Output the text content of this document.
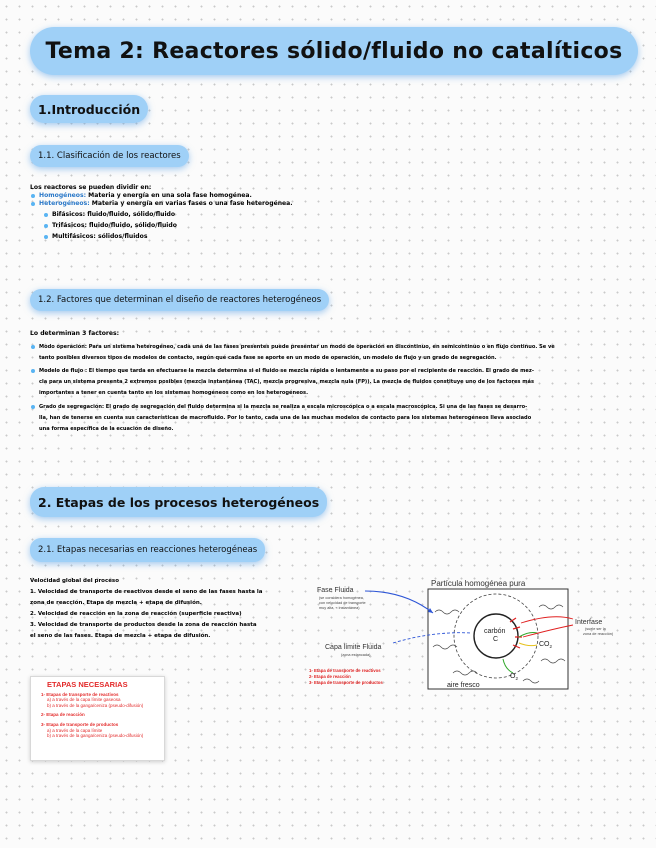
Tema 2: Reactores sólido/fluido no catalíticos
1.Introducción
1.1. Clasificación de los reactores
Los reactores se pueden dividir en:
Homogéneos: Materia y energía en una sola fase homogénea.
Heterogéneos: Materia y energía en varias fases o una fase heterogénea.
Bifásicos: fluido/fluido, sólido/fluido
Trifásicos: fluido/fluido, sólido/fluido
Multifásicos: sólidos/fluidos
1.2. Factores que determinan el diseño de reactores heterogéneos
Lo determinan 3 factores:
Modo operación: Para un sistema heterogéneo, cada una de las fases presentes puede presentar un modo de operación en discontinuo, en semicontinuo o en flujo continuo. Se ve
tanto posibles diversos tipos de modelos de contacto, según qué cada fase se aporte en un modo de operación, un modelo de flujo y un grado de segregación.
Modelo de flujo : El tiempo que tarda en efectuarse la mezcla determina si el fluido se mezcla rápida o lentamente a su paso por el recipiente de reacción. El grado de mez-
cla para un sistema presenta 2 extremos posibles (mezcla instantánea (TAC), mezcla progresiva, mezcla nula (FP)). La mezcla de fluidos constituye uno de los factores más
importantes a tener en cuenta tanto en los sistemas homogéneos como en los heterogéneos.
Grado de segregación: El grado de segregación del fluido determina si la mezcla se realiza a escala microscópica o a escala macroscópica. Si una de las fases se desarro-
lla, han de tenerse en cuenta sus características de macrofluido. Por lo tanto, cada una de las muchas modelos de contacto para los sistemas heterogéneos lleva asociado
una forma específica de la ecuación de diseño.
2. Etapas de los procesos heterogéneos
2.1. Etapas necesarias en reacciones heterogéneas
Velocidad global del proceso
1. Velocidad de transporte de reactivos desde el seno de las fases hasta la
zona de reacción. Etapa de mezcla + etapa de difusión.
2. Velocidad de reacción en la zona de reacción (superficie reactiva)
3. Velocidad de transporte de productos desde la zona de reacción hasta
el seno de las fases. Etapa de mezcla + etapa de difusión.
ETAPAS NECESARIAS
1- Etapas de transporte de reactivos
a) a través de la capa límite gaseosa
b) a través de la ganga/ceniza (pseudo-difusión)
2- Etapa de reacción
3- Etapa de transporte de productos
a) a través de la capa límite
b) a través de la ganga/ceniza (pseudo-difusión)
Partícula homogénea pura
Fase Fluida
(se considera homogénea,
con velocidad de transporte
muy alta, « instantánea)
Capa límite Fluida
(zona estancada)
carbón
C
Interfase
(suele ser la
zona de reacción)
$CO_2$
$O_2$
aire fresco
1- Etapa de transporte de reactivos
2- Etapa de reacción
3- Etapa de transporte de productos
